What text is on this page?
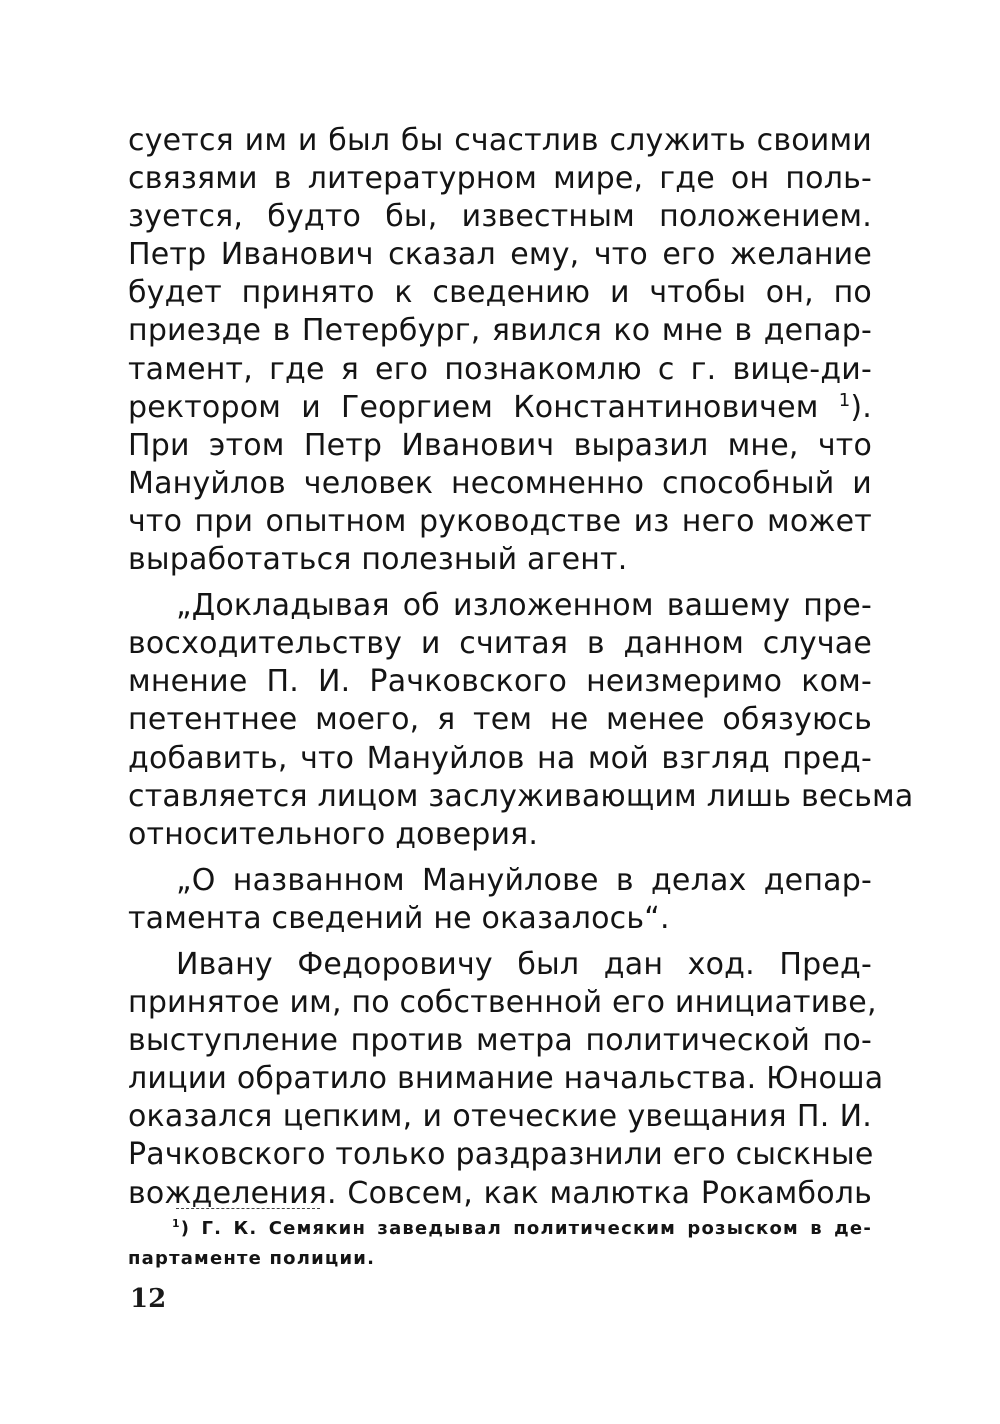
суется им и был бы счастлив служить своими
связями в литературном мире, где он поль-
зуется, будто бы, известным положением.
Петр Иванович сказал ему, что его желание
будет принято к сведению и чтобы он, по
приезде в Петербург, явился ко мне в депар-
тамент, где я его познакомлю с г. вице-ди-
ректором и Георгием Константиновичем $^1$).
При этом Петр Иванович выразил мне, что
Мануйлов человек несомненно способный и
что при опытном руководстве из него может
выработаться полезный агент.
„Докладывая об изложенном вашему пре-
восходительству и считая в данном случае
мнение П. И. Рачковского неизмеримо ком-
петентнее моего, я тем не менее обязуюсь
добавить, что Мануйлов на мой взгляд пред-
ставляется лицом заслуживающим лишь весьма
относительного доверия.
„О названном Мануйлове в делах депар-
тамента сведений не оказалось“.
Ивану Федоровичу был дан ход. Пред-
принятое им, по собственной его инициативе,
выступление против метра политической по-
лиции обратило внимание начальства. Юноша
оказался цепким, и отеческие увещания П. И.
Рачковского только раздразнили его сыскные
вожделения. Совсем, как малютка Рокамболь
$^1$) Г. К. Семякин заведывал политическим розыском в де-
партаменте полиции.
12
